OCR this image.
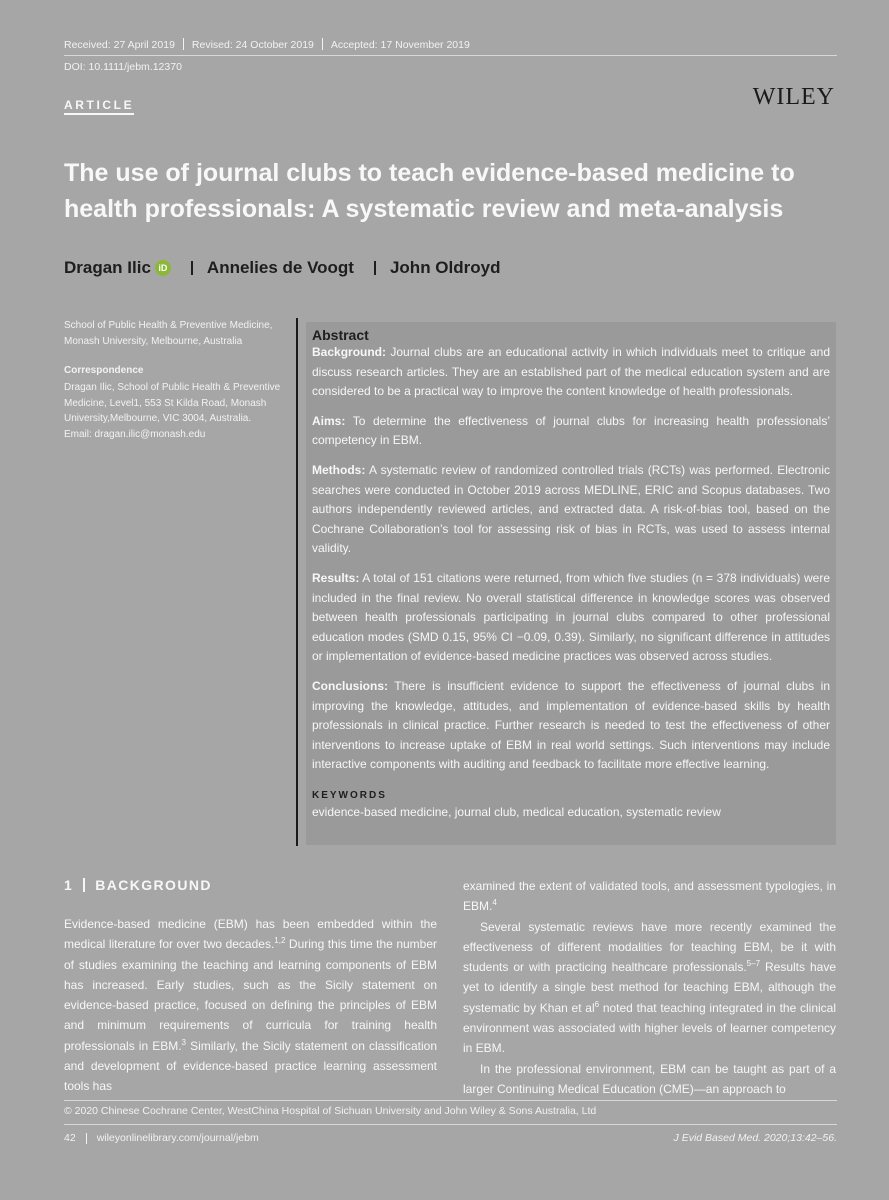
Received: 27 April 2019 Revised: 24 October 2019 Accepted: 17 November 2019
DOI: 10.1111/jebm.12370
ARTICLE	WILEY
The use of journal clubs to teach evidence-based medicine to
health professionals: A systematic review and meta-analysis
Dragan Ilic iD Annelies de Voogt John Oldroyd
School of Public Health & Preventive Medicine, Monash University, Melbourne, Australia
Correspondence
Dragan Ilic, School of Public Health & Preventive Medicine, Level1, 553 St Kilda Road, Monash University,Melbourne, VIC 3004, Australia.
Email: dragan.ilic@monash.edu
Abstract

Background: Journal clubs are an educational activity in which individuals meet to critique and discuss research articles. They are an established part of the medical education system and are considered to be a practical way to improve the content knowledge of health professionals.

Aims: To determine the effectiveness of journal clubs for increasing health professionals’ competency in EBM.

Methods: A systematic review of randomized controlled trials (RCTs) was performed. Electronic searches were conducted in October 2019 across MEDLINE, ERIC and Scopus databases. Two authors independently reviewed articles, and extracted data. A risk-of-bias tool, based on the Cochrane Collaboration’s tool for assessing risk of bias in RCTs, was used to assess internal validity.

Results: A total of 151 citations were returned, from which five studies (n = 378 individuals) were included in the final review. No overall statistical difference in knowledge scores was observed between health professionals participating in journal clubs compared to other professional education modes (SMD 0.15, 95% CI −0.09, 0.39). Similarly, no significant difference in attitudes or implementation of evidence-based medicine practices was observed across studies.

Conclusions: There is insufficient evidence to support the effectiveness of journal clubs in improving the knowledge, attitudes, and implementation of evidence-based skills by health professionals in clinical practice. Further research is needed to test the effectiveness of other interventions to increase uptake of EBM in real world settings. Such interventions may include interactive components with auditing and feedback to facilitate more effective learning.

KEYWORDS
evidence-based medicine, journal club, medical education, systematic review
1 BACKGROUND

Evidence-based medicine (EBM) has been embedded within the medical literature for over two decades.$^{1,2}$ During this time the number of studies examining the teaching and learning components of EBM has increased. Early studies, such as the Sicily statement on evidence-based practice, focused on defining the principles of EBM and minimum requirements of curricula for training health professionals in EBM.$^3$ Similarly, the Sicily statement on classification and development of evidence-based practice learning assessment tools has

examined the extent of validated tools, and assessment typologies, in EBM.$^4$

Several systematic reviews have more recently examined the effectiveness of different modalities for teaching EBM, be it with students or with practicing healthcare professionals.$^{5-7}$ Results have yet to identify a single best method for teaching EBM, although the systematic by Khan et $al^6$ noted that teaching integrated in the clinical environment was associated with higher levels of learner competency in EBM.

In the professional environment, EBM can be taught as part of a larger Continuing Medical Education (CME)—an approach to

© 2020 Chinese Cochrane Center, WestChina Hospital of Sichuan University and John Wiley & Sons Australia, Ltd
42 wileyonlinelibrary.com/journal/jebm	J Evid Based Med. 2020;13:42–56.
